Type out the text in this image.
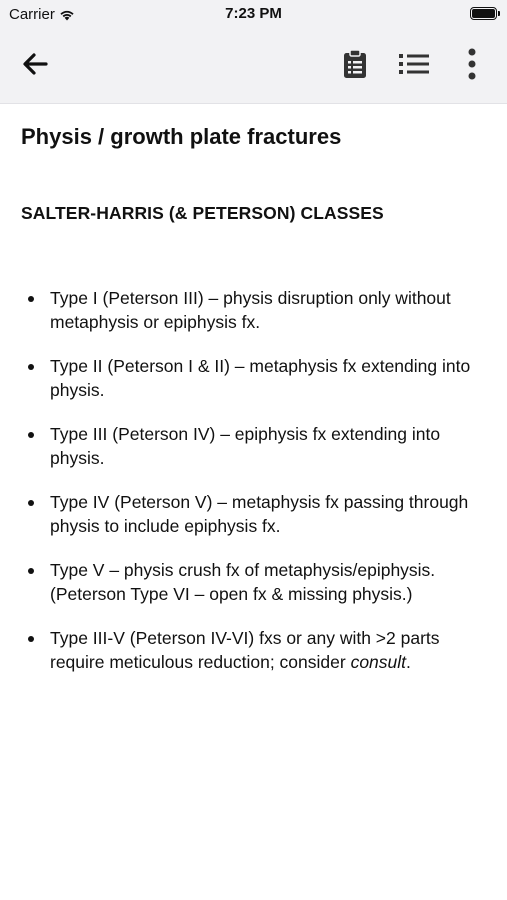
Carrier	7:23 PM
Physis / growth plate fractures
SALTER-HARRIS (& PETERSON) CLASSES
Type I (Peterson III) – physis disruption only without metaphysis or epiphysis fx.
Type II (Peterson I & II) – metaphysis fx extending into physis.
Type III (Peterson IV) – epiphysis fx extending into physis.
Type IV (Peterson V) – metaphysis fx passing through physis to include epiphysis fx.
Type V – physis crush fx of metaphysis/epiphysis. (Peterson Type VI – open fx & missing physis.)
Type III-V (Peterson IV-VI) fxs or any with >2 parts require meticulous reduction; consider consult.
